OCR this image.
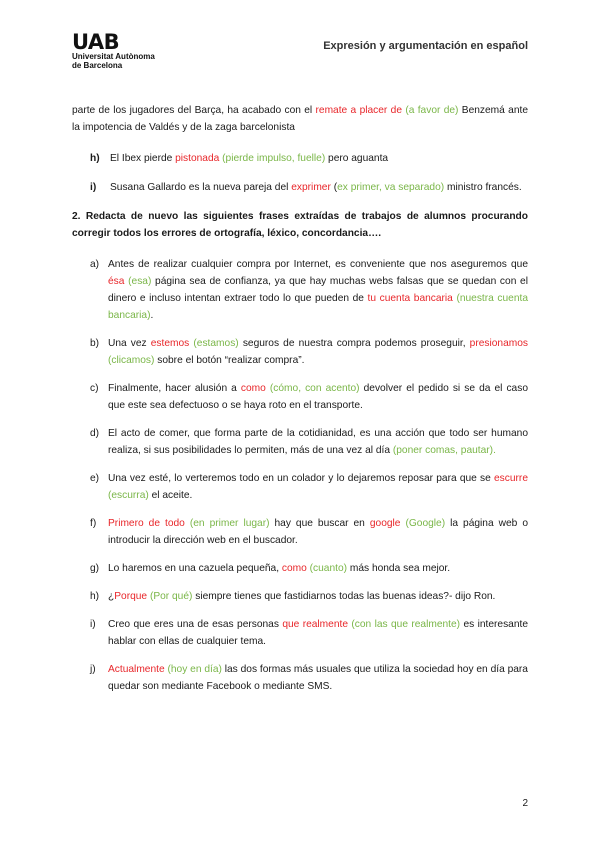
UAB
Universitat Autònoma
de Barcelona
Expresión y argumentación en español

parte de los jugadores del Barça, ha acabado con el remate a placer de (a favor de) Benzemá ante la impotencia de Valdés y de la zaga barcelonista

h)	El Ibex pierde pistonada (pierde impulso, fuelle) pero aguanta
i)	Susana Gallardo es la nueva pareja del exprimer (ex primer, va separado) ministro francés.

2. Redacta de nuevo las siguientes frases extraídas de trabajos de alumnos procurando corregir todos los errores de ortografía, léxico, concordancia….

a) Antes de realizar cualquier compra por Internet, es conveniente que nos aseguremos que ésa (esa) página sea de confianza, ya que hay muchas webs falsas que se quedan con el dinero e incluso intentan extraer todo lo que pueden de tu cuenta bancaria (nuestra cuenta bancaria).
b) Una vez estemos (estamos) seguros de nuestra compra podemos proseguir, presionamos (clicamos) sobre el botón “realizar compra”.
c) Finalmente, hacer alusión a como (cómo, con acento) devolver el pedido si se da el caso que este sea defectuoso o se haya roto en el transporte.
d) El acto de comer, que forma parte de la cotidianidad, es una acción que todo ser humano realiza, si sus posibilidades lo permiten, más de una vez al día (poner comas, pautar).
e) Una vez esté, lo verteremos todo en un colador y lo dejaremos reposar para que se escurre (escurra) el aceite.
f)	Primero de todo (en primer lugar) hay que buscar en google (Google) la página web o introducir la dirección web en el buscador.
g) Lo haremos en una cazuela pequeña, como (cuanto) más honda sea mejor.
h) ¿Porque (Por qué) siempre tienes que fastidiarnos todas las buenas ideas?- dijo Ron.
i)	Creo que eres una de esas personas que realmente (con las que realmente) es interesante hablar con ellas de cualquier tema.
j)	Actualmente (hoy en día) las dos formas más usuales que utiliza la sociedad hoy en día para quedar son mediante Facebook o mediante SMS.
2
